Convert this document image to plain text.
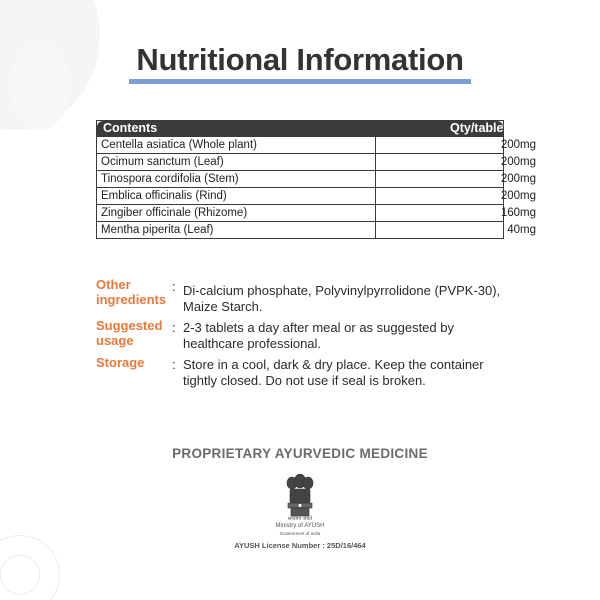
Nutritional Information
Contents	Qty/tablet
Centella asiatica (Whole plant)	200mg
Ocimum sanctum (Leaf)	200mg
Tinospora cordifolia (Stem)	200mg
Emblica officinalis (Rind)	200mg
Zingiber officinale (Rhizome)	160mg
Mentha piperita (Leaf)	40mg
Other ingredients
: Di-calcium phosphate, Polyvinylpyrrolidone (PVPK-30), Maize Starch.
Suggested usage
: 2-3 tablets a day after meal or as suggested by healthcare professional.
Storage	: Store in a cool, dark & dry place. Keep the container tightly closed. Do not use if seal is broken.
PROPRIETARY AYURVEDIC MEDICINE
सत्यमेव जयते
Ministry of AYUSH
Government of India
AYUSH License Number : 25D/16/464
